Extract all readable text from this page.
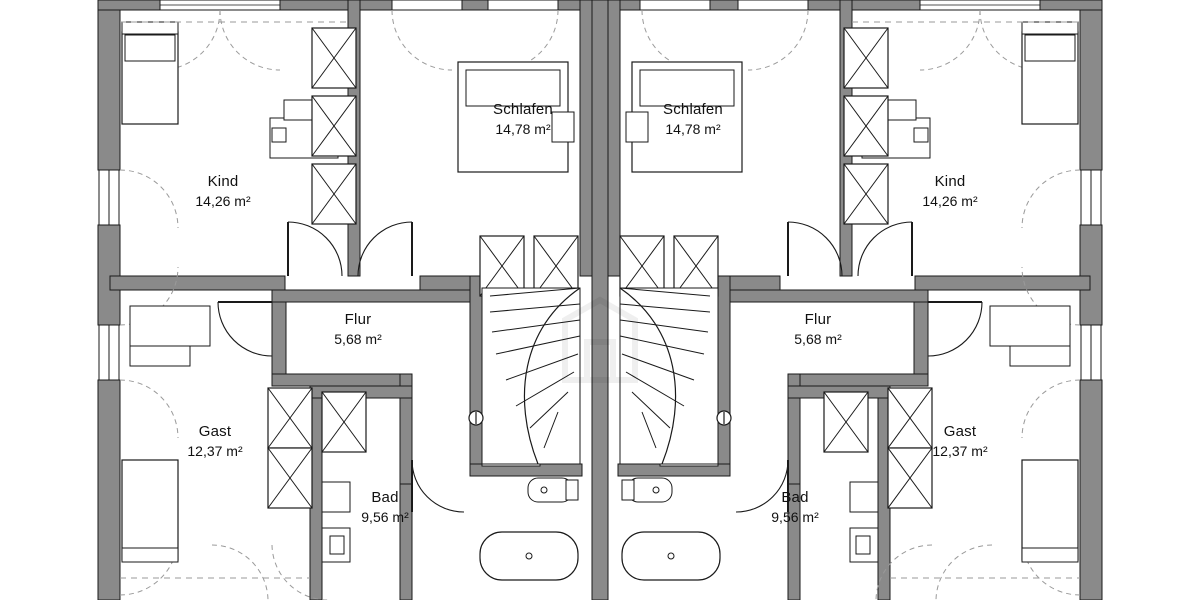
Kind
14,26 m²
Schlafen
14,78 m²
Schlafen
14,78 m²
Kind
14,26 m²
Flur
5,68 m²
Flur
5,68 m²
Gast
12,37 m²
Gast
12,37 m²
Bad
9,56 m²
Bad
9,56 m²
